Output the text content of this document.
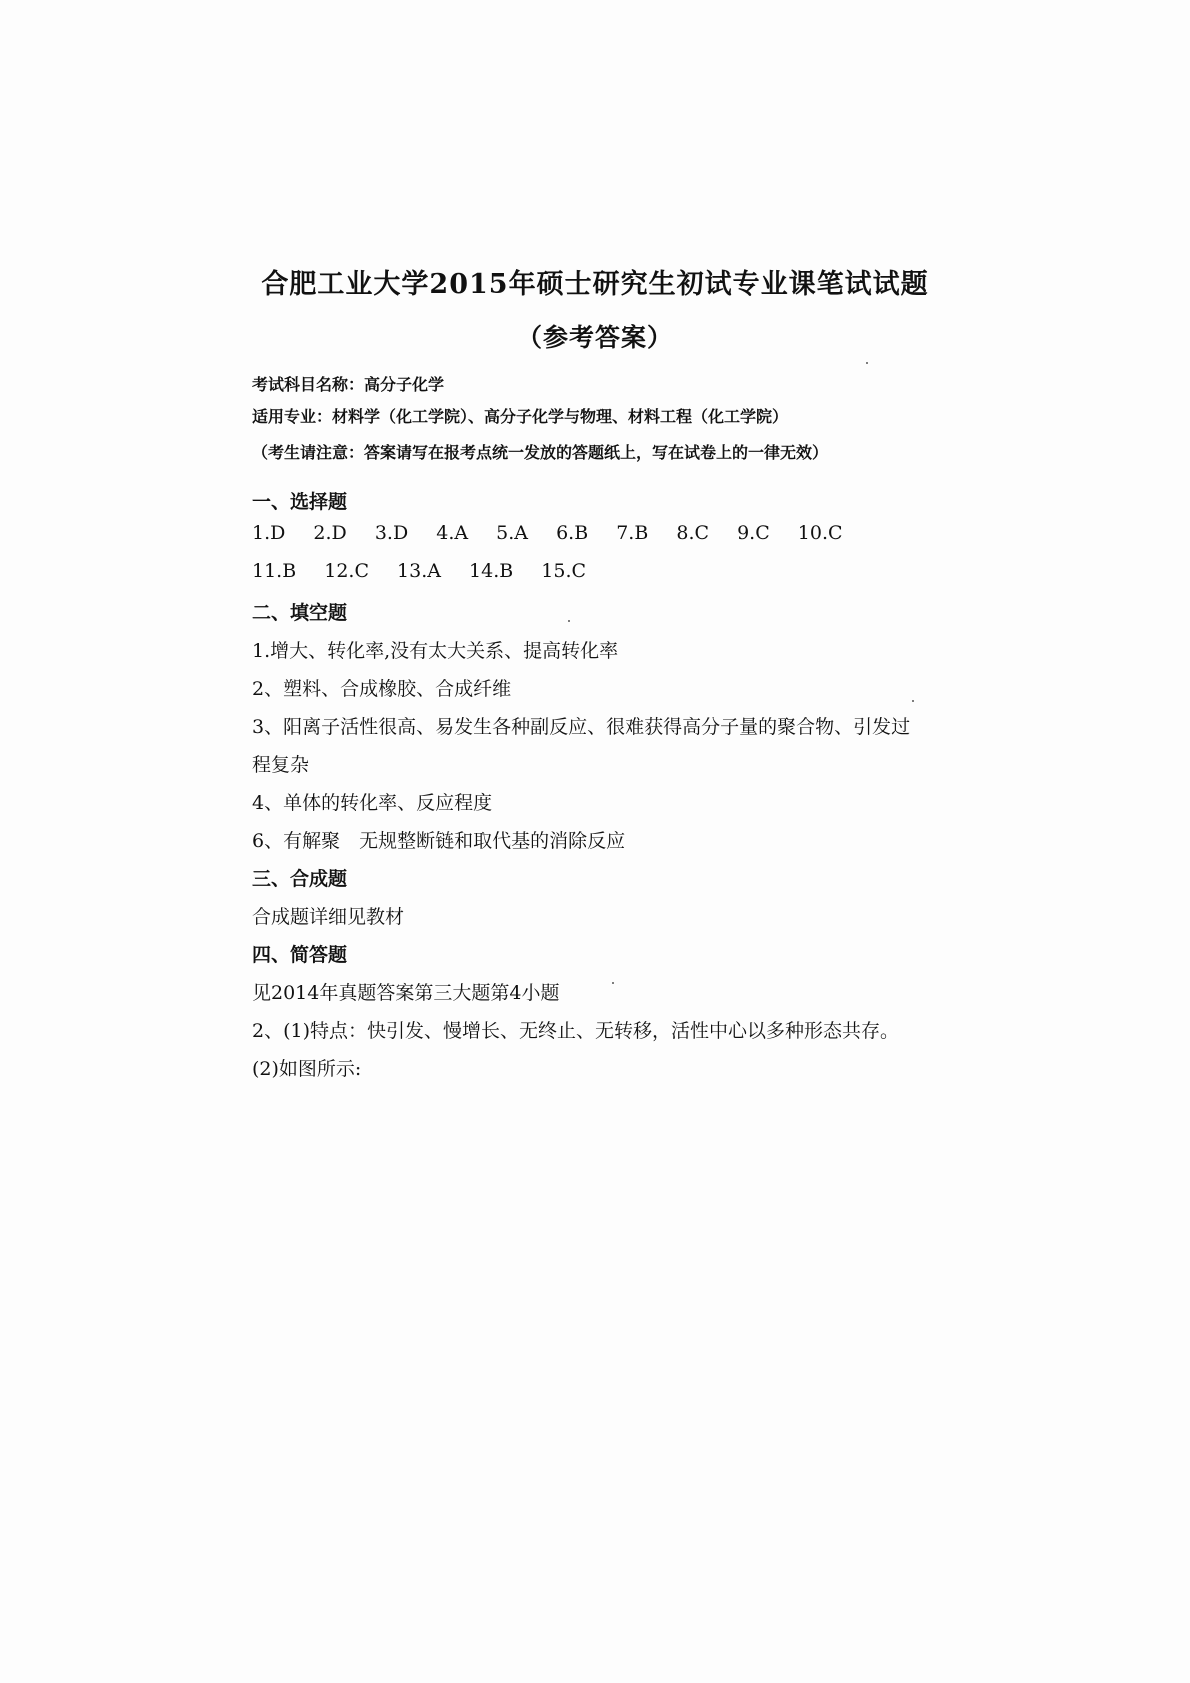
合肥工业大学2015年硕士研究生初试专业课笔试试题
（参考答案）
考试科目名称：高分子化学
适用专业：材料学（化工学院）、高分子化学与物理、材料工程（化工学院）
（考生请注意：答案请写在报考点统一发放的答题纸上，写在试卷上的一律无效）
一、选择题
1.D 2.D 3.D 4.A 5.A 6.B 7.B 8.C 9.C 10.C
11.B 12.C 13.A 14.B 15.C
二、填空题
1.增大、转化率,没有太大关系、提高转化率
2、塑料、合成橡胶、合成纤维
3、阳离子活性很高、易发生各种副反应、很难获得高分子量的聚合物、引发过
程复杂
4、单体的转化率、反应程度
6、有解聚　无规整断链和取代基的消除反应
三、合成题
合成题详细见教材
四、简答题
见2014年真题答案第三大题第4小题
2、(1)特点：快引发、慢增长、无终止、无转移，活性中心以多种形态共存。
(2)如图所示:
